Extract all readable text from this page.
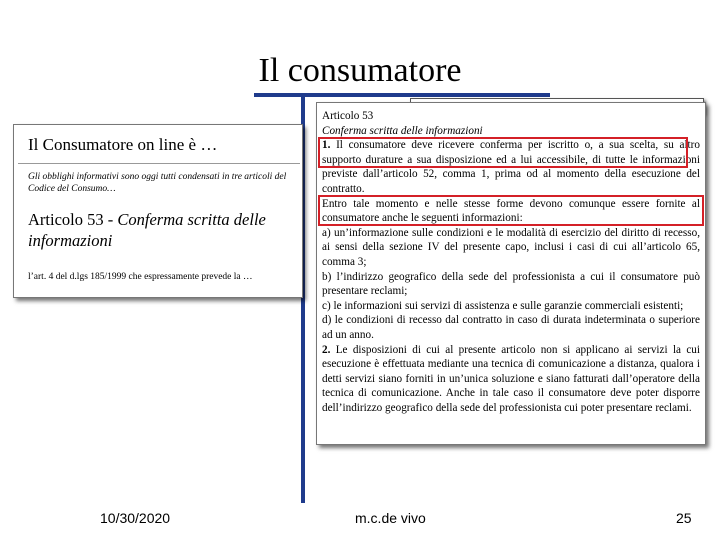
Il consumatore
Il Consumatore on line è …
Gli obblighi informativi sono oggi tutti condensati in tre articoli del Codice del Consumo…
Articolo 53 - Conferma scritta delle informazioni
l’art. 4 del d.lgs 185/1999 che espressamente prevede la …

Articolo 53

Conferma scritta delle informazioni

1. Il consumatore deve ricevere conferma per iscritto o, a sua scelta, su altro supporto durature a sua disposizione ed a lui accessibile, di tutte le informazioni previste dall’articolo 52, comma 1, prima od al momento della esecuzione del contratto.

Entro tale momento e nelle stesse forme devono comunque essere fornite al consumatore anche le seguenti informazioni:

a) un’informazione sulle condizioni e le modalità di esercizio del diritto di recesso, ai sensi della sezione IV del presente capo, inclusi i casi di cui all’articolo 65, comma 3;

b) l’indirizzo geografico della sede del professionista a cui il consumatore può presentare reclami;

c) le informazioni sui servizi di assistenza e sulle garanzie commerciali esistenti;

d) le condizioni di recesso dal contratto in caso di durata indeterminata o superiore ad un anno.

2. Le disposizioni di cui al presente articolo non si applicano ai servizi la cui esecuzione è effettuata mediante una tecnica di comunicazione a distanza, qualora i detti servizi siano forniti in un’unica soluzione e siano fatturati dall’operatore della tecnica di comunicazione. Anche in tale caso il consumatore deve poter disporre dell’indirizzo geografico della sede del professionista cui poter presentare reclami.

10/30/2020	m.c.de vivo	25
